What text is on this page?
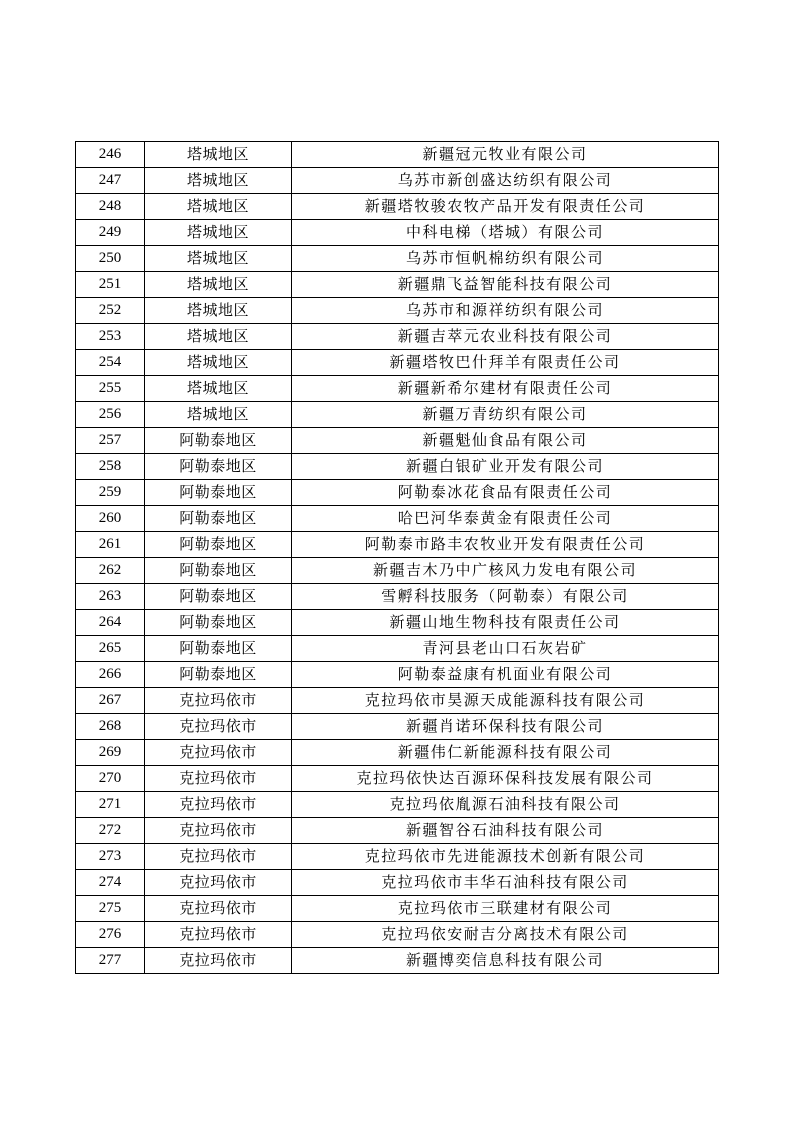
246	塔城地区	新疆冠元牧业有限公司
247	塔城地区	乌苏市新创盛达纺织有限公司
248	塔城地区	新疆塔牧骏农牧产品开发有限责任公司
249	塔城地区	中科电梯（塔城）有限公司
250	塔城地区	乌苏市恒帆棉纺织有限公司
251	塔城地区	新疆鼎飞益智能科技有限公司
252	塔城地区	乌苏市和源祥纺织有限公司
253	塔城地区	新疆吉萃元农业科技有限公司
254	塔城地区	新疆塔牧巴什拜羊有限责任公司
255	塔城地区	新疆新希尔建材有限责任公司
256	塔城地区	新疆万青纺织有限公司
257	阿勒泰地区	新疆魁仙食品有限公司
258	阿勒泰地区	新疆白银矿业开发有限公司
259	阿勒泰地区	阿勒泰冰花食品有限责任公司
260	阿勒泰地区	哈巴河华泰黄金有限责任公司
261	阿勒泰地区	阿勒泰市路丰农牧业开发有限责任公司
262	阿勒泰地区	新疆吉木乃中广核风力发电有限公司
263	阿勒泰地区	雪孵科技服务（阿勒泰）有限公司
264	阿勒泰地区	新疆山地生物科技有限责任公司
265	阿勒泰地区	青河县老山口石灰岩矿
266	阿勒泰地区	阿勒泰益康有机面业有限公司
267	克拉玛依市	克拉玛依市昊源天成能源科技有限公司
268	克拉玛依市	新疆肖诺环保科技有限公司
269	克拉玛依市	新疆伟仁新能源科技有限公司
270	克拉玛依市	克拉玛依快达百源环保科技发展有限公司
271	克拉玛依市	克拉玛依胤源石油科技有限公司
272	克拉玛依市	新疆智谷石油科技有限公司
273	克拉玛依市	克拉玛依市先进能源技术创新有限公司
274	克拉玛依市	克拉玛依市丰华石油科技有限公司
275	克拉玛依市	克拉玛依市三联建材有限公司
276	克拉玛依市	克拉玛依安耐吉分离技术有限公司
277	克拉玛依市	新疆博奕信息科技有限公司
